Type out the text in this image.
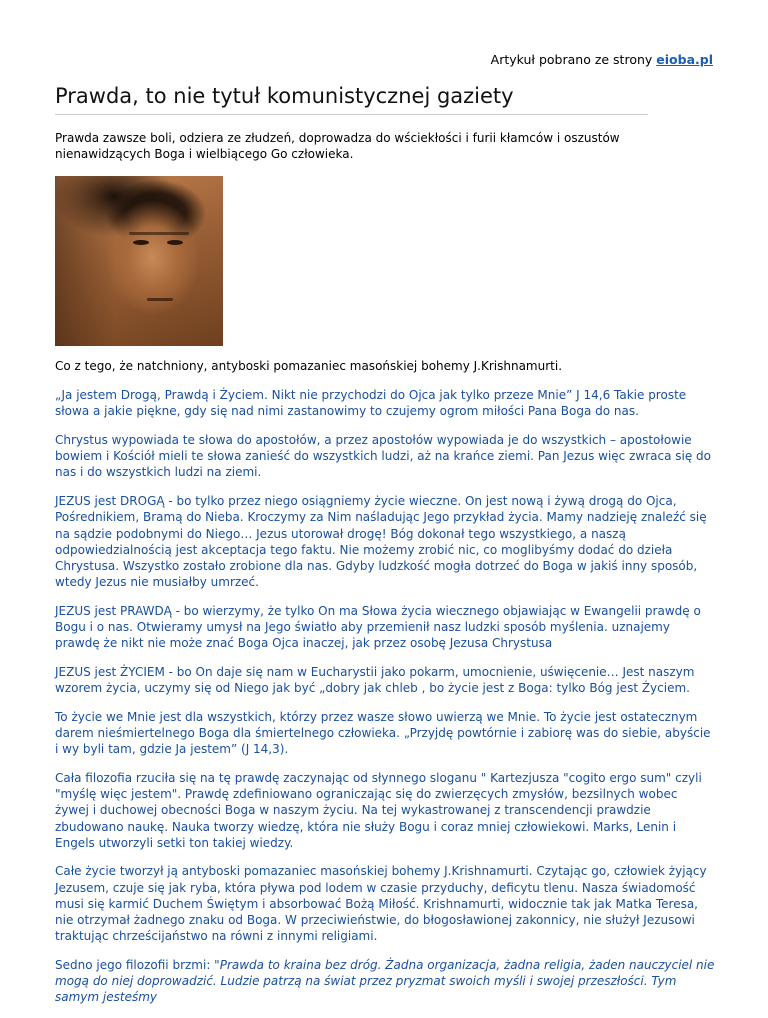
Artykuł pobrano ze strony eioba.pl
Prawda, to nie tytuł komunistycznej gaziety

Prawda zawsze boli, odziera ze złudzeń, doprowadza do wściekłości i furii kłamców i oszustów nienawidzących Boga i wielbiącego Go człowieka.

Co z tego, że natchniony, antyboski pomazaniec masońskiej bohemy J.Krishnamurti.

„Ja jestem Drogą, Prawdą i Życiem. Nikt nie przychodzi do Ojca jak tylko przeze Mnie” J 14,6 Takie proste słowa a jakie piękne, gdy się nad nimi zastanowimy to czujemy ogrom miłości Pana Boga do nas.

Chrystus wypowiada te słowa do apostołów, a przez apostołów wypowiada je do wszystkich – apostołowie bowiem i Kościół mieli te słowa zanieść do wszystkich ludzi, aż na krańce ziemi. Pan Jezus więc zwraca się do nas i do wszystkich ludzi na ziemi.

JEZUS jest DROGĄ - bo tylko przez niego osiągniemy życie wieczne. On jest nową i żywą drogą do Ojca, Pośrednikiem, Bramą do Nieba. Kroczymy za Nim naśladując Jego przykład życia. Mamy nadzieję znaleźć się na sądzie podobnymi do Niego… Jezus utorował drogę! Bóg dokonał tego wszystkiego, a naszą odpowiedzialnością jest akceptacja tego faktu. Nie możemy zrobić nic, co moglibyśmy dodać do dzieła Chrystusa. Wszystko zostało zrobione dla nas. Gdyby ludzkość mogła dotrzeć do Boga w jakiś inny sposób, wtedy Jezus nie musiałby umrzeć.

JEZUS jest PRAWDĄ - bo wierzymy, że tylko On ma Słowa życia wiecznego objawiając w Ewangelii prawdę o Bogu i o nas. Otwieramy umysł na Jego światło aby przemienił nasz ludzki sposób myślenia. uznajemy prawdę że nikt nie może znać Boga Ojca inaczej, jak przez osobę Jezusa Chrystusa

JEZUS jest ŻYCIEM - bo On daje się nam w Eucharystii jako pokarm, umocnienie, uświęcenie… Jest naszym wzorem życia, uczymy się od Niego jak być „dobry jak chleb , bo życie jest z Boga: tylko Bóg jest Życiem.

To życie we Mnie jest dla wszystkich, którzy przez wasze słowo uwierzą we Mnie. To życie jest ostatecznym darem nieśmiertelnego Boga dla śmiertelnego człowieka. „Przyjdę powtórnie i zabiorę was do siebie, abyście i wy byli tam, gdzie Ja jestem” (J 14,3).

Cała filozofia rzuciła się na tę prawdę zaczynając od słynnego sloganu " Kartezjusza "cogito ergo sum" czyli "myślę więc jestem". Prawdę zdefiniowano ograniczając się do zwierzęcych zmysłów, bezsilnych wobec żywej i duchowej obecności Boga w naszym życiu. Na tej wykastrowanej z transcendencji prawdzie zbudowano naukę. Nauka tworzy wiedzę, która nie służy Bogu i coraz mniej człowiekowi. Marks, Lenin i Engels utworzyli setki ton takiej wiedzy.

Całe życie tworzył ją antyboski pomazaniec masońskiej bohemy J.Krishnamurti. Czytając go, człowiek żyjący Jezusem, czuje się jak ryba, która pływa pod lodem w czasie przyduchy, deficytu tlenu. Nasza świadomość musi się karmić Duchem Świętym i absorbować Bożą Miłość. Krishnamurti, widocznie tak jak Matka Teresa, nie otrzymał żadnego znaku od Boga. W przeciwieństwie, do błogosławionej zakonnicy, nie służył Jezusowi traktując chrześcijaństwo na równi z innymi religiami.

Sedno jego filozofii brzmi: "Prawda to kraina bez dróg. Żadna organizacja, żadna religia, żaden nauczyciel nie mogą do niej doprowadzić. Ludzie patrzą na świat przez pryzmat swoich myśli i swojej przeszłości. Tym samym jesteśmy
